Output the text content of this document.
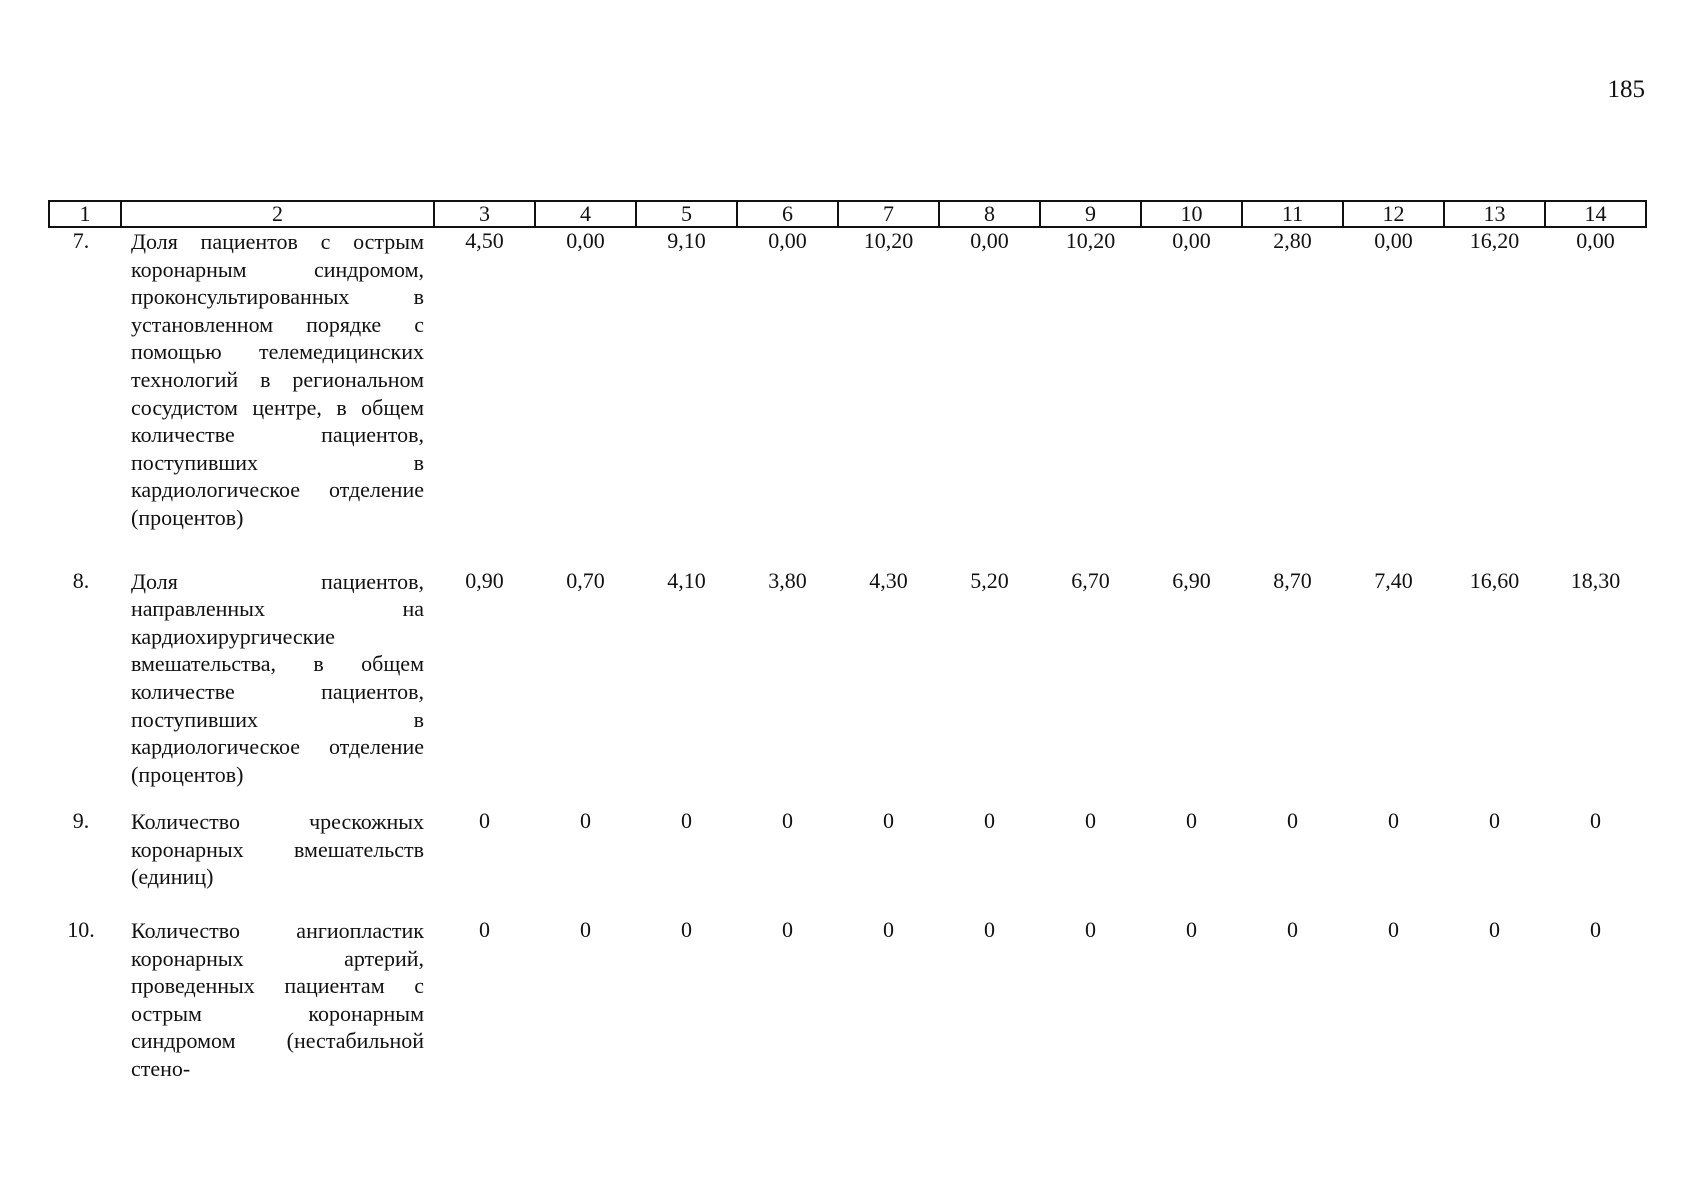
185
1	2	3	4	5	6	7	8	9	10	11	12	13	14
7.	Доля пациентов с острым коронарным синдромом, проконсультированных в установленном порядке с помощью телемедицинских технологий в региональном сосудистом центре, в общем количестве пациентов, поступивших в кардиологическое отделение (процентов)	4,50	0,00	9,10	0,00	10,20	0,00	10,20	0,00	2,80	0,00	16,20	0,00
8.	Доля пациентов, направленных на кардиохирургические вмешательства, в общем количестве пациентов, поступивших в кардиологическое отделение (процентов)	0,90	0,70	4,10	3,80	4,30	5,20	6,70	6,90	8,70	7,40	16,60	18,30
9.	Количество чрескожных коронарных вмешательств (единиц)	0	0	0	0	0	0	0	0	0	0	0	0
10.	Количество ангиопластик коронарных артерий, проведенных пациентам с острым коронарным синдромом (нестабильной стено-	0	0	0	0	0	0	0	0	0	0	0	0
